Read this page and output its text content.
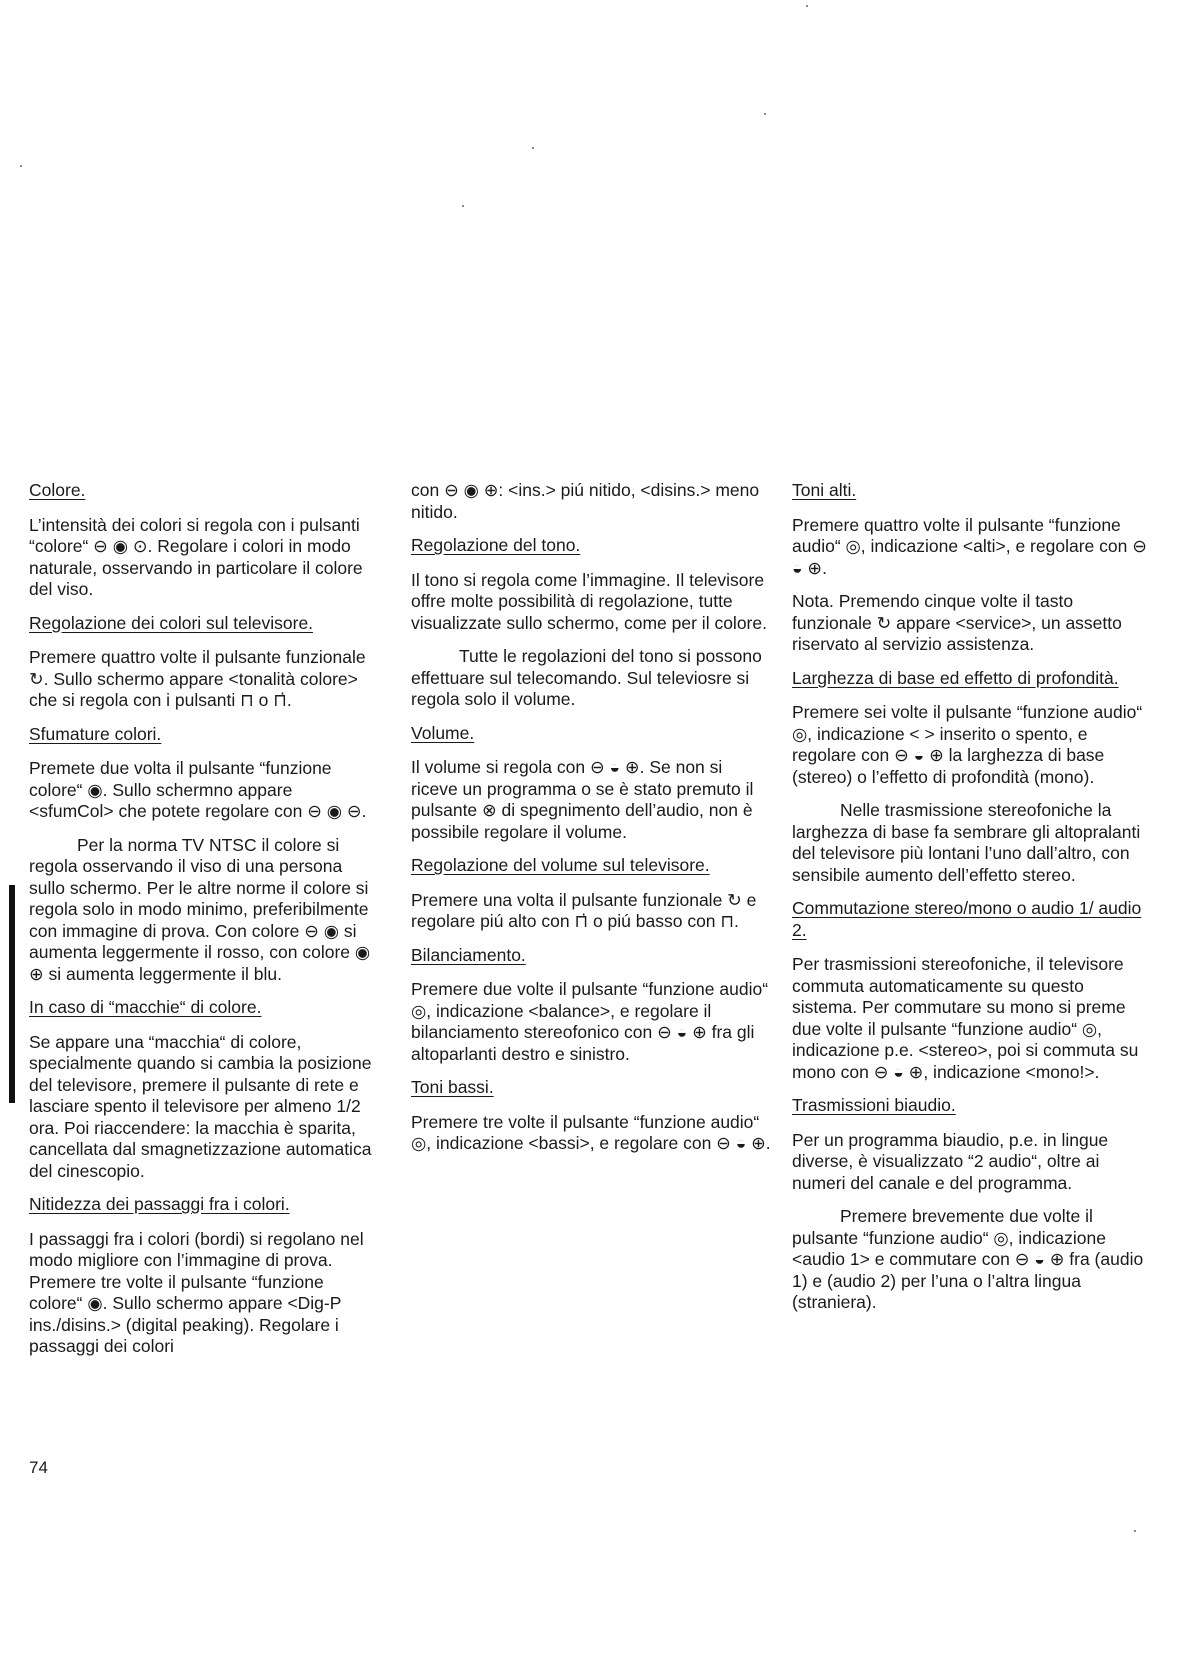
Colore.
L’intensità dei colori si regola con i pulsanti “colore“ ⊖ ◉ ⊙. Regolare i colori in modo naturale, osservando in particolare il colore del viso.
Regolazione dei colori sul televisore.
Premere quattro volte il pulsante funzionale ↻. Sullo schermo appare <tonalità colore> che si regola con i pulsanti ⊓ o ⊓̇.
Sfumature colori.
Premete due volta il pulsante “funzione colore“ ◉. Sullo schermno appare <sfumCol> che potete regolare con ⊖ ◉ ⊖.
Per la norma TV NTSC il colore si regola osservando il viso di una persona sullo schermo. Per le altre norme il colore si regola solo in modo minimo, preferibilmente con immagine di prova. Con colore ⊖ ◉ si aumenta leggermente il rosso, con colore ◉ ⊕ si aumenta leggermente il blu.
In caso di “macchie“ di colore.
Se appare una “macchia“ di colore, specialmente quando si cambia la posizione del televisore, premere il pulsante di rete e lasciare spento il televisore per almeno 1/2 ora. Poi riaccendere: la macchia è sparita, cancellata dal smagnetizzazione automatica del cinescopio.
Nitidezza dei passaggi fra i colori.
I passaggi fra i colori (bordi) si regolano nel modo migliore con l’immagine di prova. Premere tre volte il pulsante “funzione colore“ ◉. Sullo schermo appare <Dig-P ins./disins.> (digital peaking). Regolare i passaggi dei colori
con ⊖ ◉ ⊕: <ins.> piú nitido, <disins.> meno nitido.
Regolazione del tono.
Il tono si regola come l’immagine. Il televisore offre molte possibilità di regolazione, tutte visualizzate sullo schermo, come per il colore.
Tutte le regolazioni del tono si possono effettuare sul telecomando. Sul televiosre si regola solo il volume.
Volume.
Il volume si regola con ⊖ ◒ ⊕. Se non si riceve un programma o se è stato premuto il pulsante ⊗ di spegnimento dell’audio, non è possibile regolare il volume.
Regolazione del volume sul televisore.
Premere una volta il pulsante funzionale ↻ e regolare piú alto con ⊓̇ o piú basso con ⊓.
Bilanciamento.
Premere due volte il pulsante “funzione audio“ ◎, indicazione <balance>, e regolare il bilanciamento stereofonico con ⊖ ◒ ⊕ fra gli altoparlanti destro e sinistro.
Toni bassi.
Premere tre volte il pulsante “funzione audio“ ◎, indicazione <bassi>, e regolare con ⊖ ◒ ⊕.
Toni alti.
Premere quattro volte il pulsante “funzione audio“ ◎, indicazione <alti>, e regolare con ⊖ ◒ ⊕.
Nota. Premendo cinque volte il tasto funzionale ↻ appare <service>, un assetto riservato al servizio assistenza.
Larghezza di base ed effetto di profondità.
Premere sei volte il pulsante “funzione audio“ ◎, indicazione < > inserito o spento, e regolare con ⊖ ◒ ⊕ la larghezza di base (stereo) o l’effetto di profondità (mono).
Nelle trasmissione stereofoniche la larghezza di base fa sembrare gli altopralanti del televisore più lontani l’uno dall’altro, con sensibile aumento dell’effetto stereo.
Commutazione stereo/mono o audio 1/ audio 2.
Per trasmissioni stereofoniche, il televisore commuta automaticamente su questo sistema. Per commutare su mono si preme due volte il pulsante “funzione audio“ ◎, indicazione p.e. <stereo>, poi si commuta su mono con ⊖ ◒ ⊕, indicazione <mono!>.
Trasmissioni biaudio.
Per un programma biaudio, p.e. in lingue diverse, è visualizzato “2 audio“, oltre ai numeri del canale e del programma.
Premere brevemente due volte il pulsante “funzione audio“ ◎, indicazione <audio 1> e commutare con ⊖ ◒ ⊕ fra (audio 1) e (audio 2) per l’una o l’altra lingua (straniera).
74
